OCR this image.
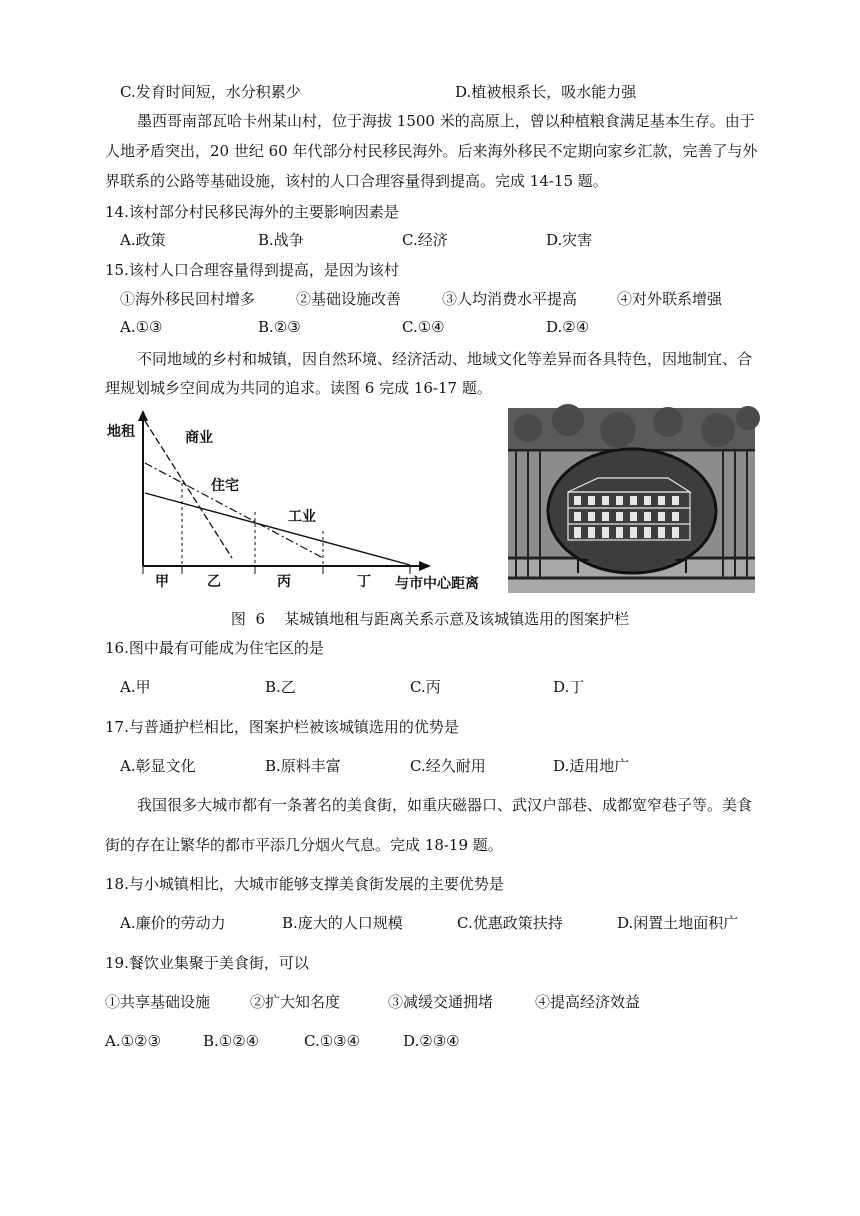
C.发育时间短，水分积累少	D.植被根系长，吸水能力强
墨西哥南部瓦哈卡州某山村，位于海拔 1500 米的高原上，曾以种植粮食满足基本生存。由于
人地矛盾突出，20 世纪 60 年代部分村民移民海外。后来海外移民不定期向家乡汇款，完善了与外
界联系的公路等基础设施，该村的人口合理容量得到提高。完成 14-15 题。
14.该村部分村民移民海外的主要影响因素是
A.政策	B.战争	C.经济	D.灾害
15.该村人口合理容量得到提高，是因为该村
①海外移民回村增多	②基础设施改善	③人均消费水平提高	④对外联系增强
A.①③	B.②③	C.①④	D.②④
不同地域的乡村和城镇，因自然环境、经济活动、地域文化等差异而各具特色，因地制宜、合
理规划城乡空间成为共同的追求。读图 6 完成 16-17 题。
地租	商业
住宅
工业
甲	乙	丙	丁 与市中心距离
图  6    某城镇地租与距离关系示意及该城镇选用的图案护栏
16.图中最有可能成为住宅区的是
A.甲	B.乙	C.丙	D.丁
17.与普通护栏相比，图案护栏被该城镇选用的优势是
A.彰显文化	B.原料丰富	C.经久耐用	D.适用地广
我国很多大城市都有一条著名的美食街，如重庆磁器口、武汉户部巷、成都宽窄巷子等。美食
街的存在让繁华的都市平添几分烟火气息。完成 18-19 题。
18.与小城镇相比，大城市能够支撑美食街发展的主要优势是
A.廉价的劳动力	B.庞大的人口规模	C.优惠政策扶持	D.闲置土地面积广
19.餐饮业集聚于美食街，可以
①共享基础设施	②扩大知名度	③减缓交通拥堵	④提高经济效益
A.①②③	B.①②④	C.①③④	D.②③④
